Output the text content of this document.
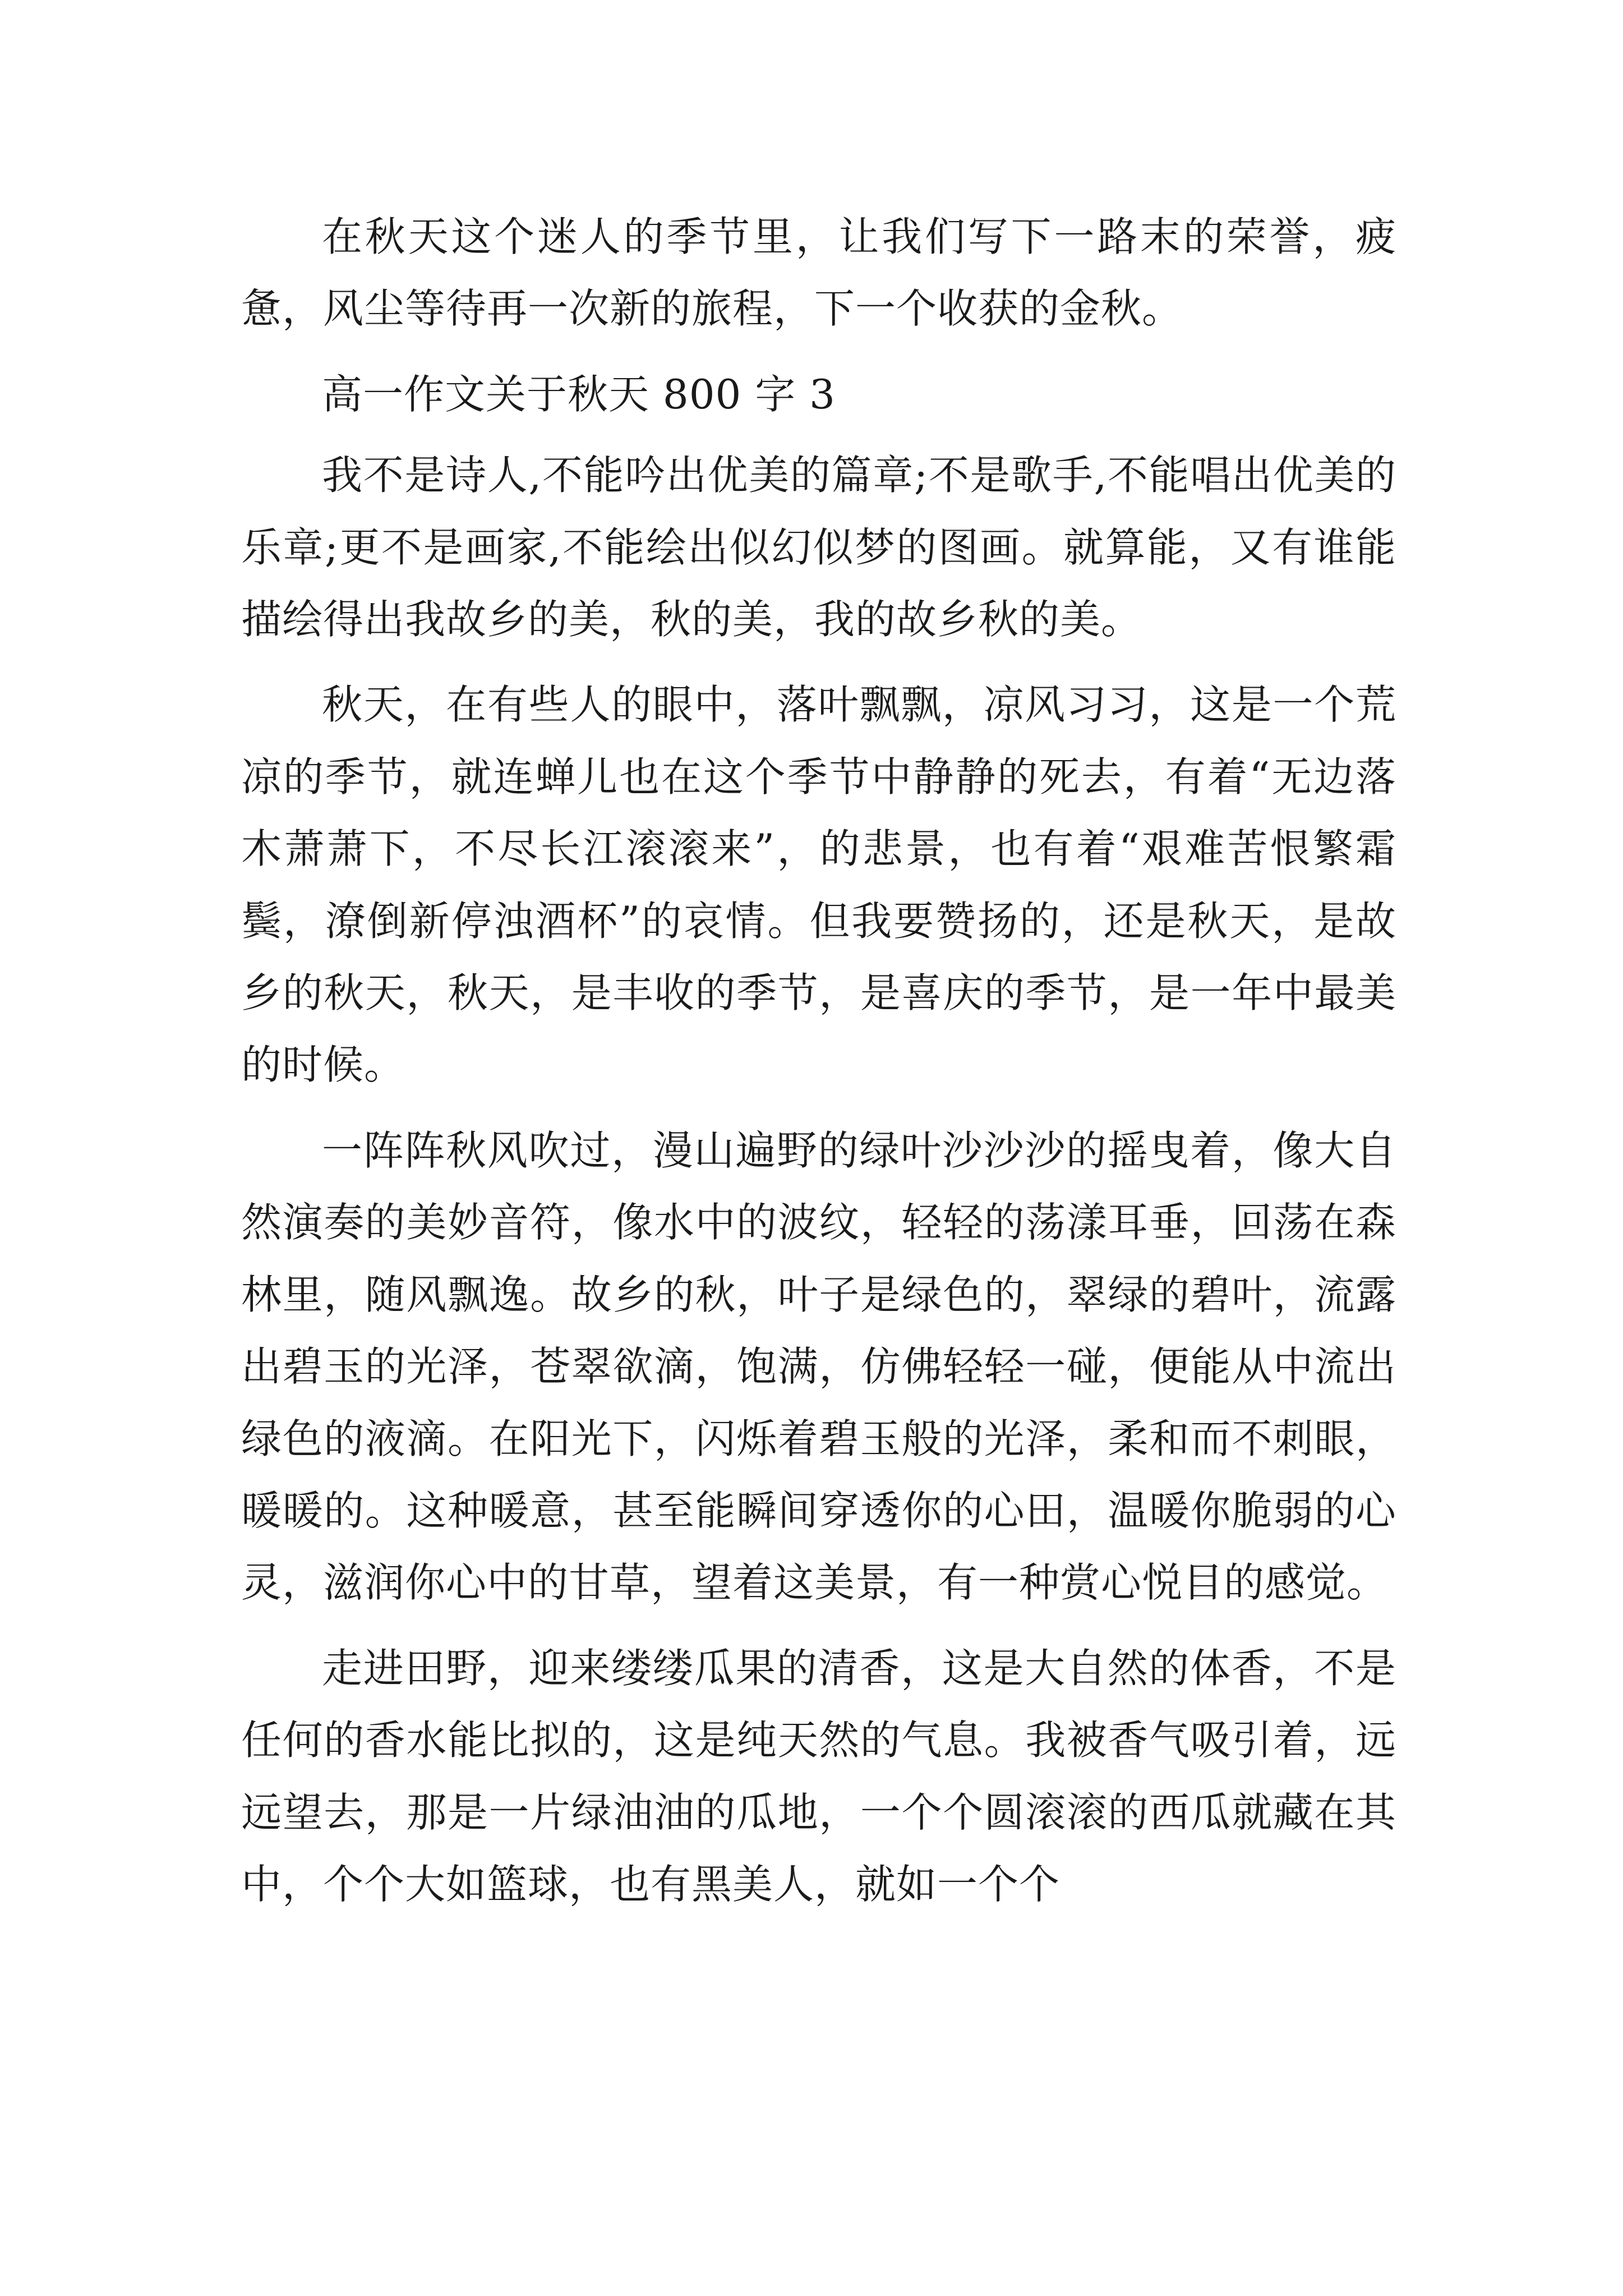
在秋天这个迷人的季节里，让我们写下一路末的荣誉，疲惫，风尘等待再一次新的旅程，下一个收获的金秋。

高一作文关于秋天 800 字 3

我不是诗人,不能吟出优美的篇章;不是歌手,不能唱出优美的乐章;更不是画家,不能绘出似幻似梦的图画。就算能，又有谁能描绘得出我故乡的美，秋的美，我的故乡秋的美。

秋天，在有些人的眼中，落叶飘飘，凉风习习，这是一个荒凉的季节，就连蝉儿也在这个季节中静静的死去，有着“无边落木萧萧下，不尽长江滚滚来”，的悲景，也有着“艰难苦恨繁霜鬓，潦倒新停浊酒杯”的哀情。但我要赞扬的，还是秋天，是故乡的秋天，秋天，是丰收的季节，是喜庆的季节，是一年中最美的时候。

一阵阵秋风吹过，漫山遍野的绿叶沙沙沙的摇曳着，像大自然演奏的美妙音符，像水中的波纹，轻轻的荡漾耳垂，回荡在森林里，随风飘逸。故乡的秋，叶子是绿色的，翠绿的碧叶，流露出碧玉的光泽，苍翠欲滴，饱满，仿佛轻轻一碰，便能从中流出绿色的液滴。在阳光下，闪烁着碧玉般的光泽，柔和而不刺眼，暖暖的。这种暖意，甚至能瞬间穿透你的心田，温暖你脆弱的心灵，滋润你心中的甘草，望着这美景，有一种赏心悦目的感觉。

走进田野，迎来缕缕瓜果的清香，这是大自然的体香，不是任何的香水能比拟的，这是纯天然的气息。我被香气吸引着，远远望去，那是一片绿油油的瓜地，一个个圆滚滚的西瓜就藏在其中，个个大如篮球，也有黑美人，就如一个个
